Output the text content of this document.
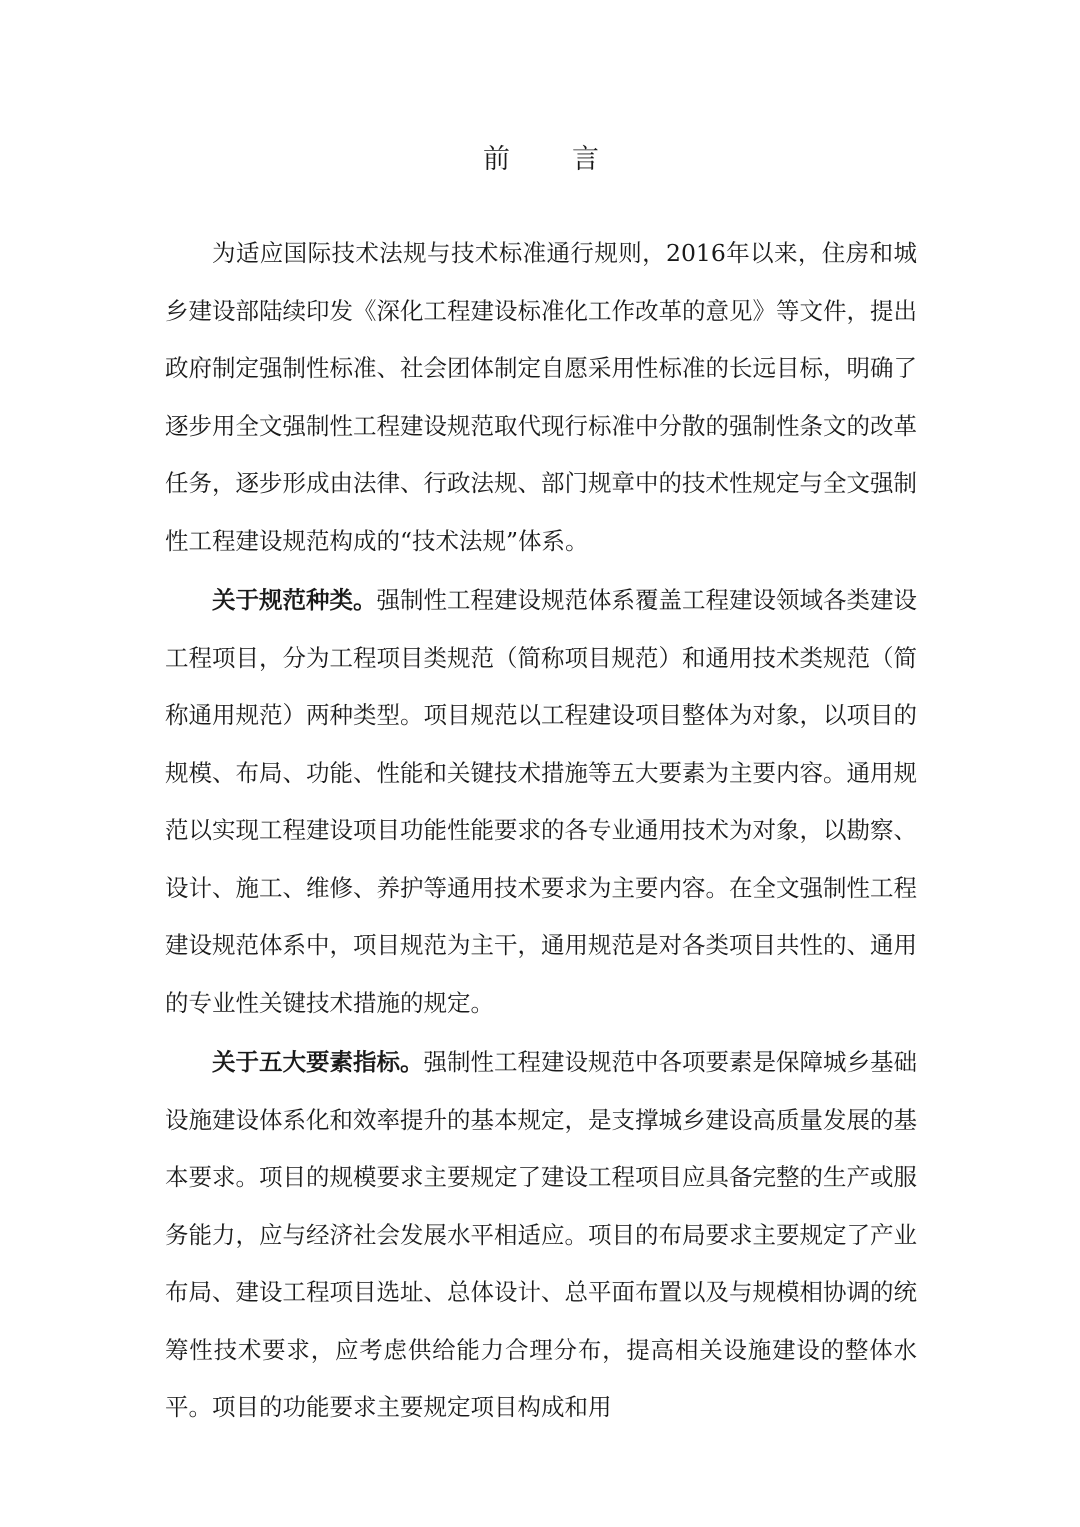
前 言

为适应国际技术法规与技术标准通行规则，2016年以来，住房和城乡建设部陆续印发《深化工程建设标准化工作改革的意见》等文件，提出政府制定强制性标准、社会团体制定自愿采用性标准的长远目标，明确了逐步用全文强制性工程建设规范取代现行标准中分散的强制性条文的改革任务，逐步形成由法律、行政法规、部门规章中的技术性规定与全文强制性工程建设规范构成的“技术法规”体系。

关于规范种类。强制性工程建设规范体系覆盖工程建设领域各类建设工程项目，分为工程项目类规范（简称项目规范）和通用技术类规范（简称通用规范）两种类型。项目规范以工程建设项目整体为对象，以项目的规模、布局、功能、性能和关键技术措施等五大要素为主要内容。通用规范以实现工程建设项目功能性能要求的各专业通用技术为对象，以勘察、设计、施工、维修、养护等通用技术要求为主要内容。在全文强制性工程建设规范体系中，项目规范为主干，通用规范是对各类项目共性的、通用的专业性关键技术措施的规定。

关于五大要素指标。强制性工程建设规范中各项要素是保障城乡基础设施建设体系化和效率提升的基本规定，是支撑城乡建设高质量发展的基本要求。项目的规模要求主要规定了建设工程项目应具备完整的生产或服务能力，应与经济社会发展水平相适应。项目的布局要求主要规定了产业布局、建设工程项目选址、总体设计、总平面布置以及与规模相协调的统筹性技术要求，应考虑供给能力合理分布，提高相关设施建设的整体水平。项目的功能要求主要规定项目构成和用
